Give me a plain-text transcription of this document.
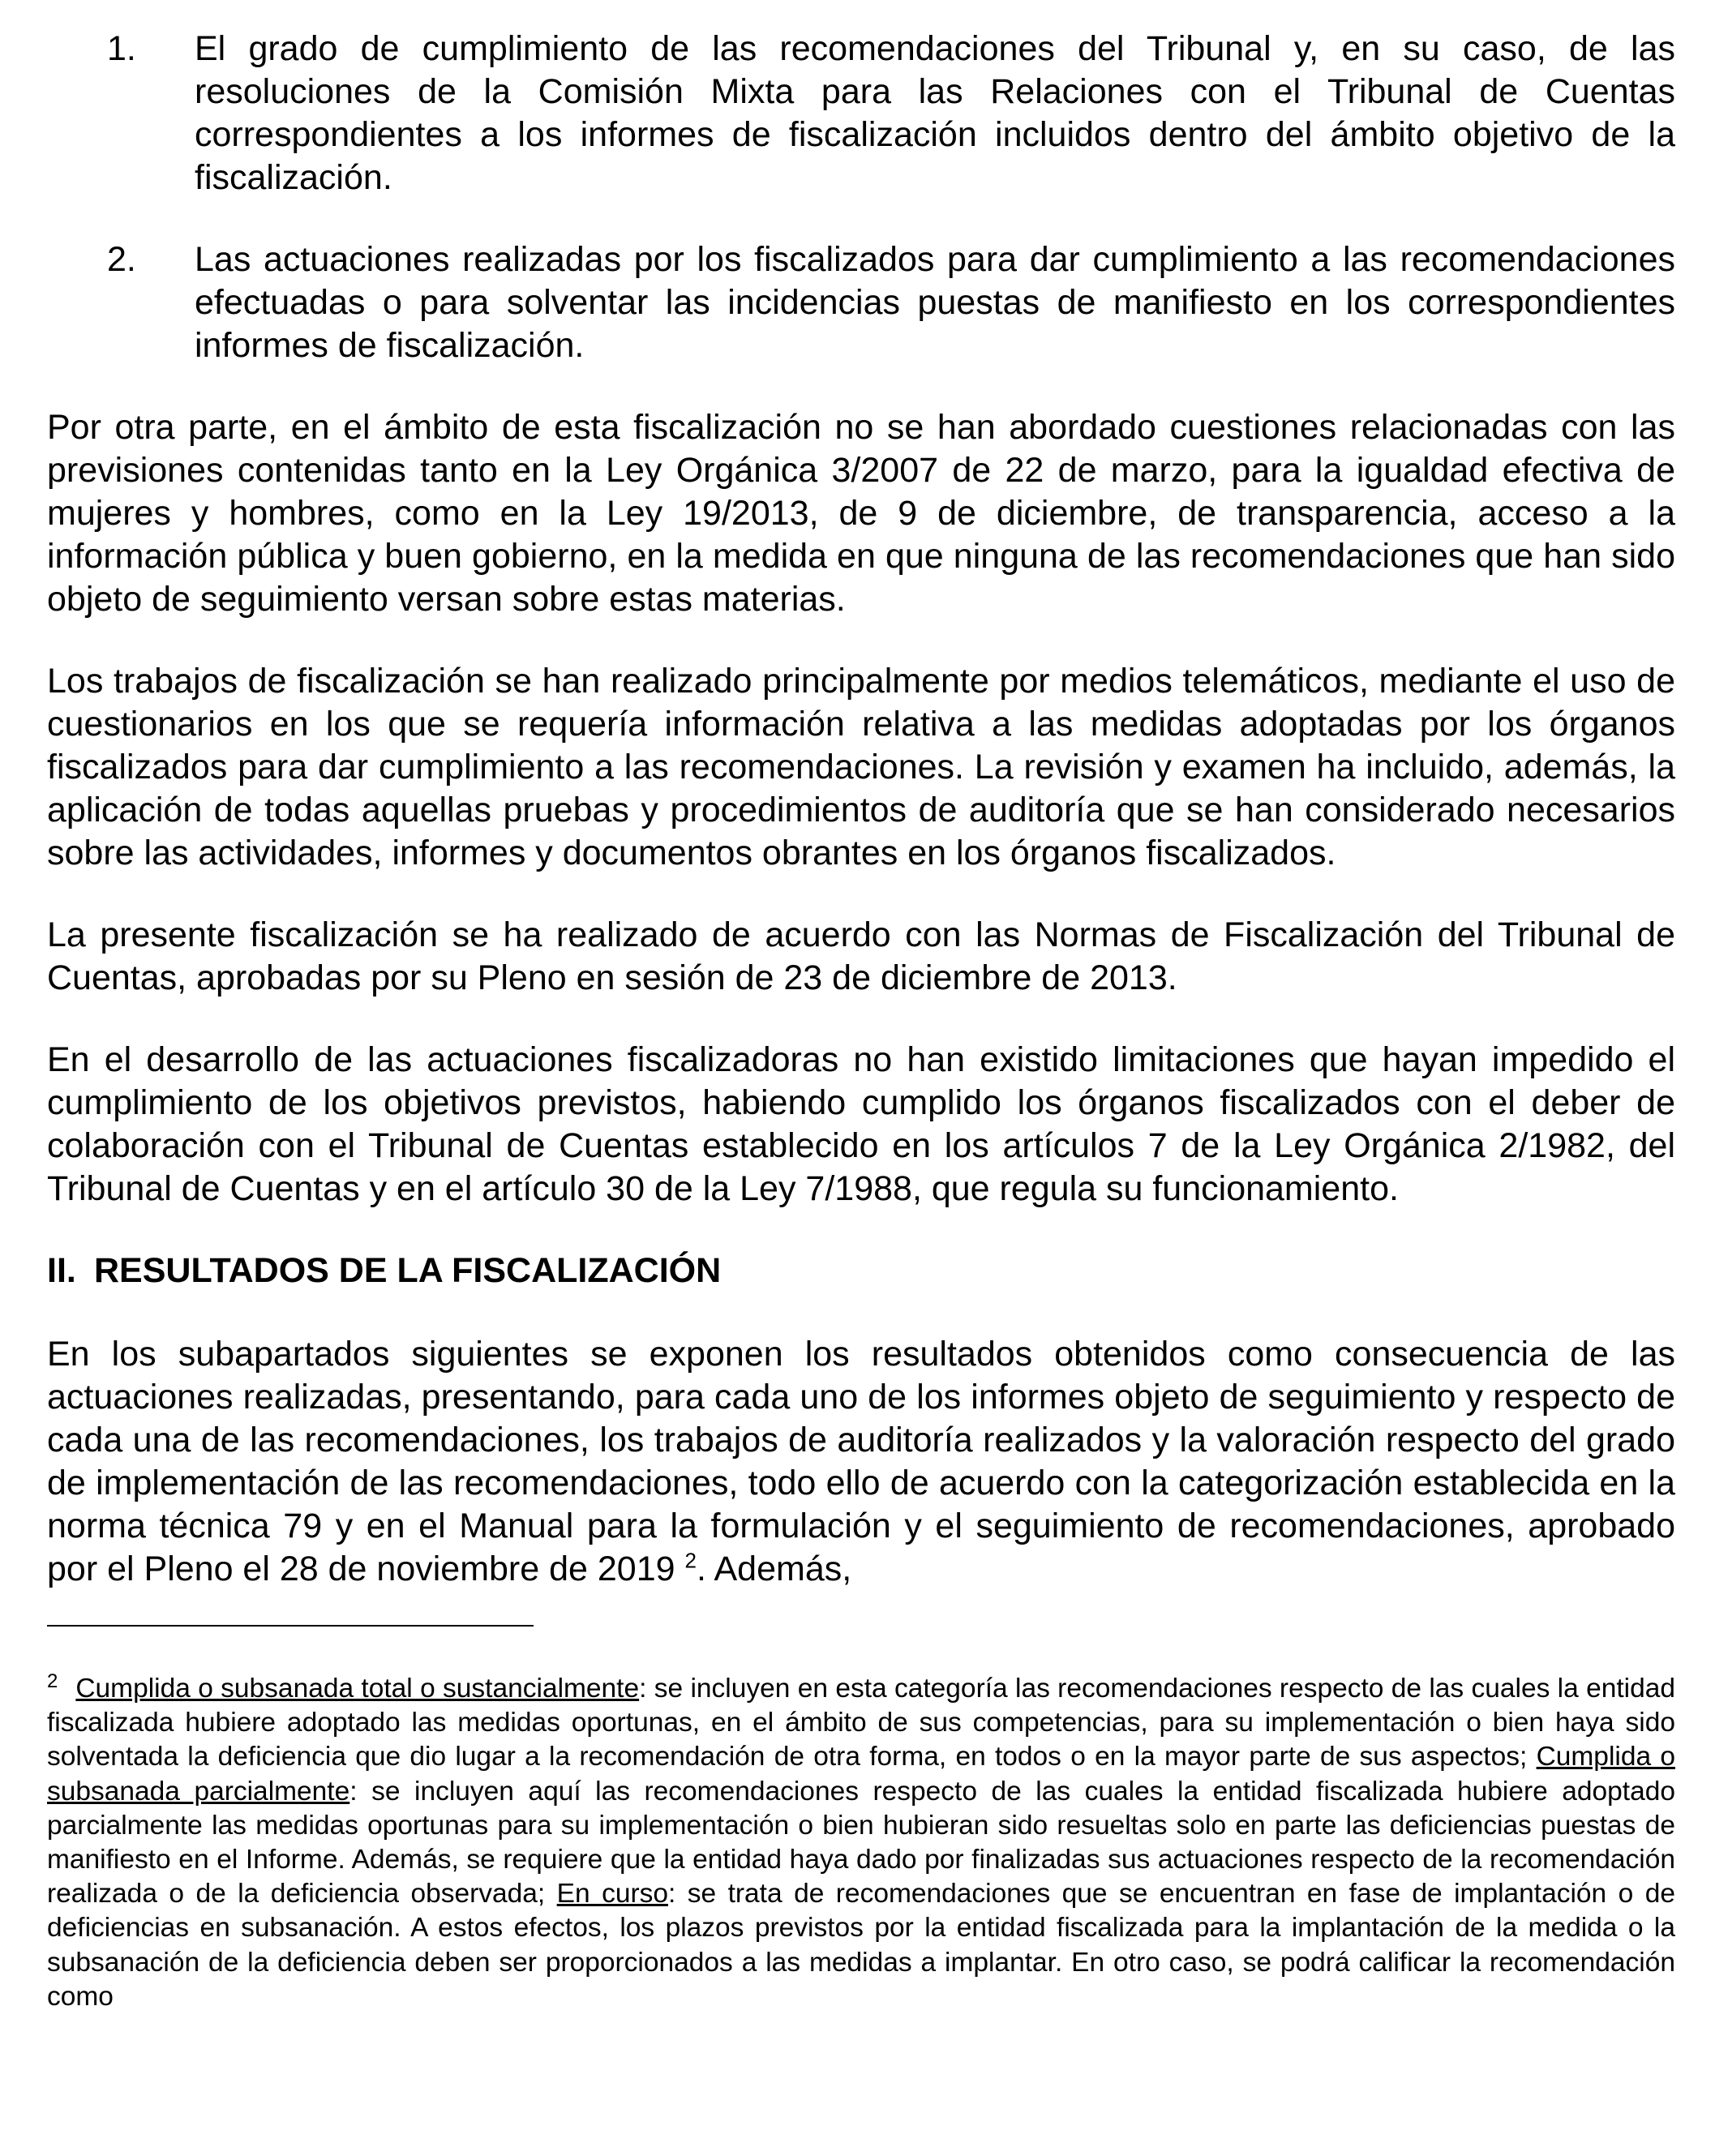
1. El grado de cumplimiento de las recomendaciones del Tribunal y, en su caso, de las resoluciones de la Comisión Mixta para las Relaciones con el Tribunal de Cuentas correspondientes a los informes de fiscalización incluidos dentro del ámbito objetivo de la fiscalización.
2. Las actuaciones realizadas por los fiscalizados para dar cumplimiento a las recomendaciones efectuadas o para solventar las incidencias puestas de manifiesto en los correspondientes informes de fiscalización.

Por otra parte, en el ámbito de esta fiscalización no se han abordado cuestiones relacionadas con las previsiones contenidas tanto en la Ley Orgánica 3/2007 de 22 de marzo, para la igualdad efectiva de mujeres y hombres, como en la Ley 19/2013, de 9 de diciembre, de transparencia, acceso a la información pública y buen gobierno, en la medida en que ninguna de las recomendaciones que han sido objeto de seguimiento versan sobre estas materias.

Los trabajos de fiscalización se han realizado principalmente por medios telemáticos, mediante el uso de cuestionarios en los que se requería información relativa a las medidas adoptadas por los órganos fiscalizados para dar cumplimiento a las recomendaciones. La revisión y examen ha incluido, además, la aplicación de todas aquellas pruebas y procedimientos de auditoría que se han considerado necesarios sobre las actividades, informes y documentos obrantes en los órganos fiscalizados.

La presente fiscalización se ha realizado de acuerdo con las Normas de Fiscalización del Tribunal de Cuentas, aprobadas por su Pleno en sesión de 23 de diciembre de 2013.

En el desarrollo de las actuaciones fiscalizadoras no han existido limitaciones que hayan impedido el cumplimiento de los objetivos previstos, habiendo cumplido los órganos fiscalizados con el deber de colaboración con el Tribunal de Cuentas establecido en los artículos 7 de la Ley Orgánica 2/1982, del Tribunal de Cuentas y en el artículo 30 de la Ley 7/1988, que regula su funcionamiento.

II. RESULTADOS DE LA FISCALIZACIÓN

En los subapartados siguientes se exponen los resultados obtenidos como consecuencia de las actuaciones realizadas, presentando, para cada uno de los informes objeto de seguimiento y respecto de cada una de las recomendaciones, los trabajos de auditoría realizados y la valoración respecto del grado de implementación de las recomendaciones, todo ello de acuerdo con la categorización establecida en la norma técnica 79 y en el Manual para la formulación y el seguimiento de recomendaciones, aprobado por el Pleno el 28 de noviembre de 2019 $^2$. Además,

$^2$ Cumplida o subsanada total o sustancialmente: se incluyen en esta categoría las recomendaciones respecto de las cuales la entidad fiscalizada hubiere adoptado las medidas oportunas, en el ámbito de sus competencias, para su implementación o bien haya sido solventada la deficiencia que dio lugar a la recomendación de otra forma, en todos o en la mayor parte de sus aspectos; Cumplida o subsanada parcialmente: se incluyen aquí las recomendaciones respecto de las cuales la entidad fiscalizada hubiere adoptado parcialmente las medidas oportunas para su implementación o bien hubieran sido resueltas solo en parte las deficiencias puestas de manifiesto en el Informe. Además, se requiere que la entidad haya dado por finalizadas sus actuaciones respecto de la recomendación realizada o de la deficiencia observada; En curso: se trata de recomendaciones que se encuentran en fase de implantación o de deficiencias en subsanación. A estos efectos, los plazos previstos por la entidad fiscalizada para la implantación de la medida o la subsanación de la deficiencia deben ser proporcionados a las medidas a implantar. En otro caso, se podrá calificar la recomendación como
